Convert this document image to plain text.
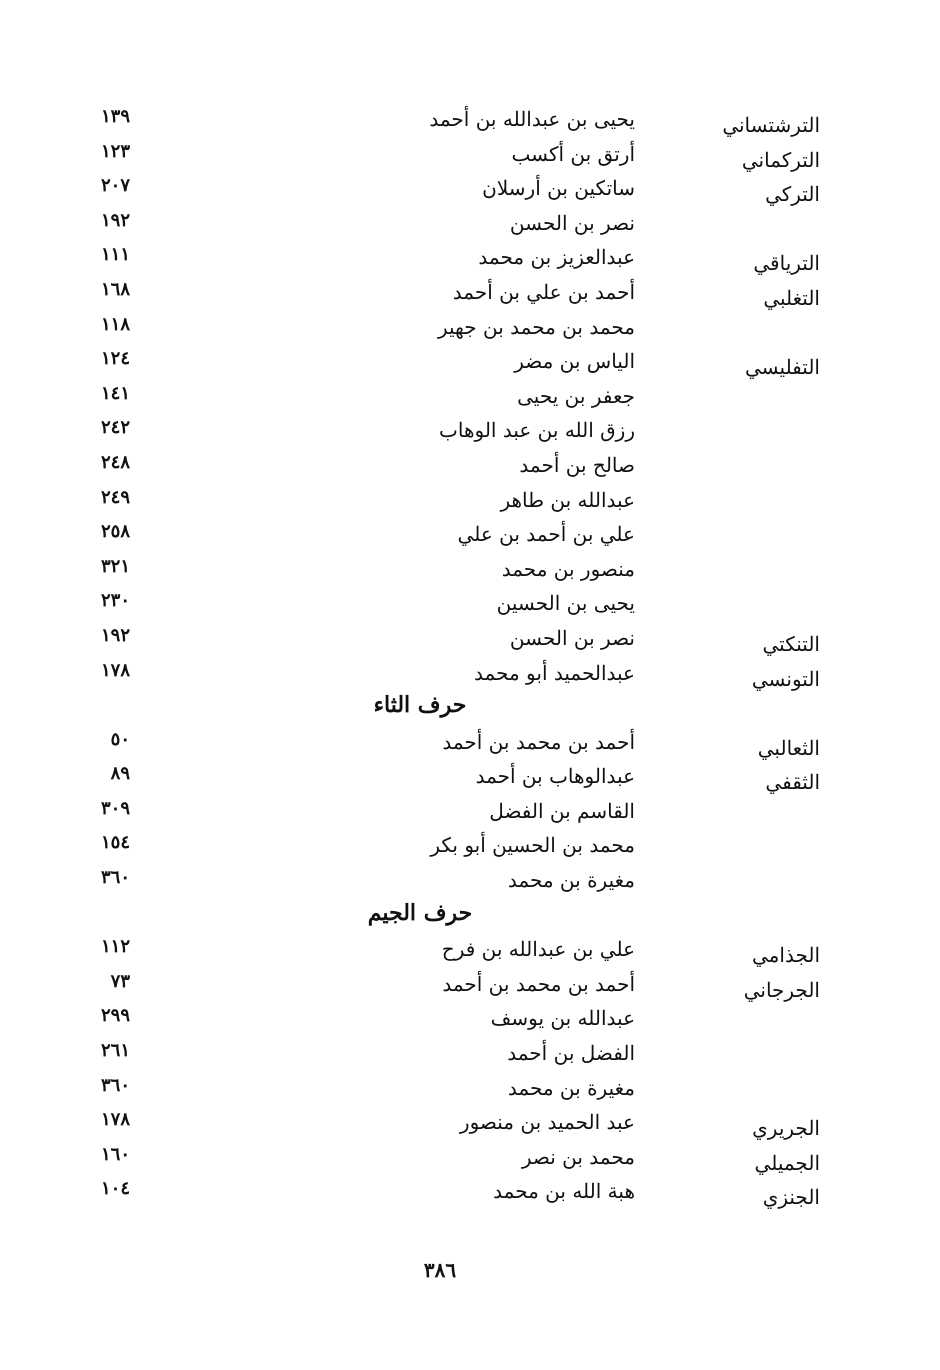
الترشتساني
يحيى بن عبدالله بن أحمد
١٣٩
التركماني
أرتق بن أكسب
١٢٣
التركي
ساتكين بن أرسلان
٢٠٧
نصر بن الحسن
١٩٢
الترياقي
عبدالعزيز بن محمد
١١١
التغلبي
أحمد بن علي بن أحمد
١٦٨
محمد بن محمد بن جهير
١١٨
التفليسي
الياس بن مضر
١٢٤
جعفر بن يحيى
١٤١
رزق الله بن عبد الوهاب
٢٤٢
صالح بن أحمد
٢٤٨
عبدالله بن طاهر
٢٤٩
علي بن أحمد بن علي
٢٥٨
منصور بن محمد
٣٢١
يحيى بن الحسين
٢٣٠
التنكتي
نصر بن الحسن
١٩٢
التونسي
عبدالحميد أبو محمد
١٧٨
حرف الثاء
الثعالبي
أحمد بن محمد بن أحمد
٥٠
الثقفي
عبدالوهاب بن أحمد
٨٩
القاسم بن الفضل
٣٠٩
محمد بن الحسين أبو بكر
١٥٤
مغيرة بن محمد
٣٦٠
حرف الجيم
الجذامي
علي بن عبدالله بن فرح
١١٢
الجرجاني
أحمد بن محمد بن أحمد
٧٣
عبدالله بن يوسف
٢٩٩
الفضل بن أحمد
٢٦١
مغيرة بن محمد
٣٦٠
الجريري
عبد الحميد بن منصور
١٧٨
الجميلي
محمد بن نصر
١٦٠
الجنزي
هبة الله بن محمد
١٠٤
٣٨٦
